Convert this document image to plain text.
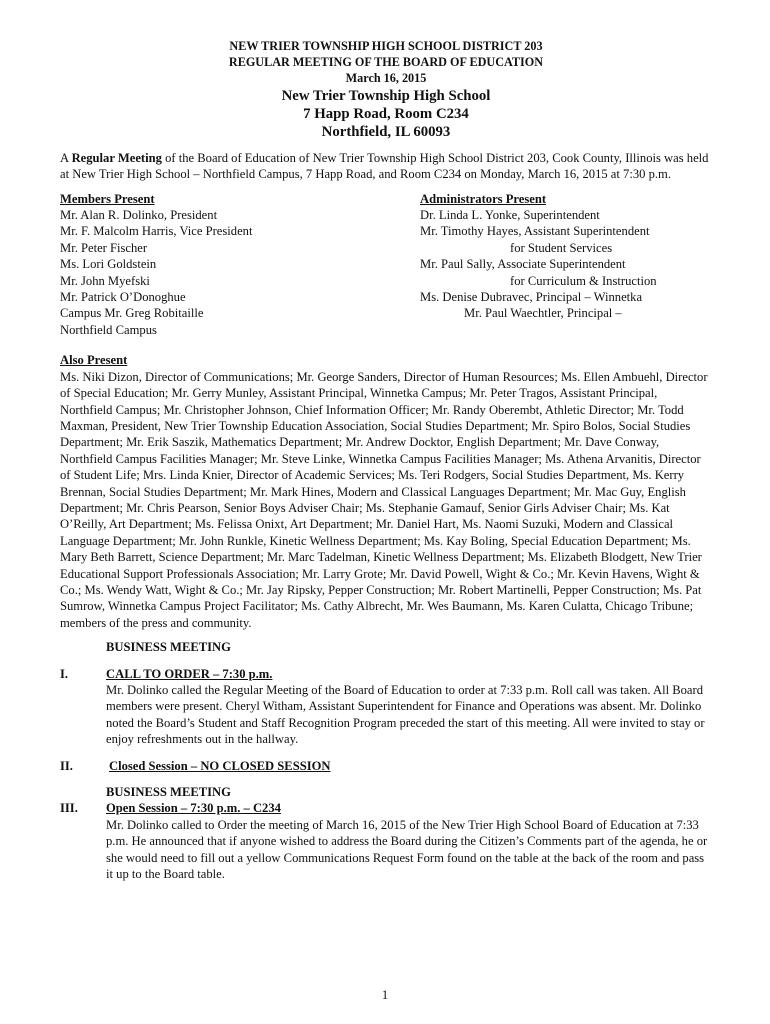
NEW TRIER TOWNSHIP HIGH SCHOOL DISTRICT 203
REGULAR MEETING OF THE BOARD OF EDUCATION
March 16, 2015
New Trier Township High School
7 Happ Road, Room C234
Northfield, IL 60093

A Regular Meeting of the Board of Education of New Trier Township High School District 203, Cook County, Illinois was held at New Trier High School – Northfield Campus, 7 Happ Road, and Room C234 on Monday, March 16, 2015 at 7:30 p.m.

Members Present
Mr. Alan R. Dolinko, President
Mr. F. Malcolm Harris, Vice President
Mr. Peter Fischer
Ms. Lori Goldstein
Mr. John Myefski
Mr. Patrick O’Donoghue
Campus Mr. Greg Robitaille
Northfield Campus
Administrators Present
Dr. Linda L. Yonke, Superintendent
Mr. Timothy Hayes, Assistant Superintendent
for Student Services
Mr. Paul Sally, Associate Superintendent
for Curriculum & Instruction
Ms. Denise Dubravec, Principal – Winnetka
Mr. Paul Waechtler, Principal –
Also Present

Ms. Niki Dizon, Director of Communications; Mr. George Sanders, Director of Human Resources; Ms. Ellen Ambuehl, Director of Special Education; Mr. Gerry Munley, Assistant Principal, Winnetka Campus; Mr. Peter Tragos, Assistant Principal, Northfield Campus; Mr. Christopher Johnson, Chief Information Officer; Mr. Randy Oberembt, Athletic Director; Mr. Todd Maxman, President, New Trier Township Education Association, Social Studies Department; Mr. Spiro Bolos, Social Studies Department; Mr. Erik Saszik, Mathematics Department; Mr. Andrew Docktor, English Department; Mr. Dave Conway, Northfield Campus Facilities Manager; Mr. Steve Linke, Winnetka Campus Facilities Manager; Ms. Athena Arvanitis, Director of Student Life; Mrs. Linda Knier, Director of Academic Services; Ms. Teri Rodgers, Social Studies Department, Ms. Kerry Brennan, Social Studies Department; Mr. Mark Hines, Modern and Classical Languages Department; Mr. Mac Guy, English Department; Mr. Chris Pearson, Senior Boys Adviser Chair; Ms. Stephanie Gamauf, Senior Girls Adviser Chair; Ms. Kat O’Reilly, Art Department; Ms. Felissa Onixt, Art Department; Mr. Daniel Hart, Ms. Naomi Suzuki, Modern and Classical Language Department; Mr. John Runkle, Kinetic Wellness Department; Ms. Kay Boling, Special Education Department; Ms. Mary Beth Barrett, Science Department; Mr. Marc Tadelman, Kinetic Wellness Department; Ms. Elizabeth Blodgett, New Trier Educational Support Professionals Association; Mr. Larry Grote; Mr. David Powell, Wight & Co.; Mr. Kevin Havens, Wight & Co.; Ms. Wendy Watt, Wight & Co.; Mr. Jay Ripsky, Pepper Construction; Mr. Robert Martinelli, Pepper Construction; Ms. Pat Sumrow, Winnetka Campus Project Facilitator; Ms. Cathy Albrecht, Mr. Wes Baumann, Ms. Karen Culatta, Chicago Tribune; members of the press and community.

BUSINESS MEETING
I.	CALL TO ORDER – 7:30 p.m.

Mr. Dolinko called the Regular Meeting of the Board of Education to order at 7:33 p.m. Roll call was taken. All Board members were present. Cheryl Witham, Assistant Superintendent for Finance and Operations was absent. Mr. Dolinko noted the Board’s Student and Staff Recognition Program preceded the start of this meeting. All were invited to stay or enjoy refreshments out in the hallway.

II.	Closed Session – NO CLOSED SESSION
III.
BUSINESS MEETING
Open Session – 7:30 p.m. – C234

Mr. Dolinko called to Order the meeting of March 16, 2015 of the New Trier High School Board of Education at 7:33 p.m. He announced that if anyone wished to address the Board during the Citizen’s Comments part of the agenda, he or she would need to fill out a yellow Communications Request Form found on the table at the back of the room and pass it up to the Board table.

1
